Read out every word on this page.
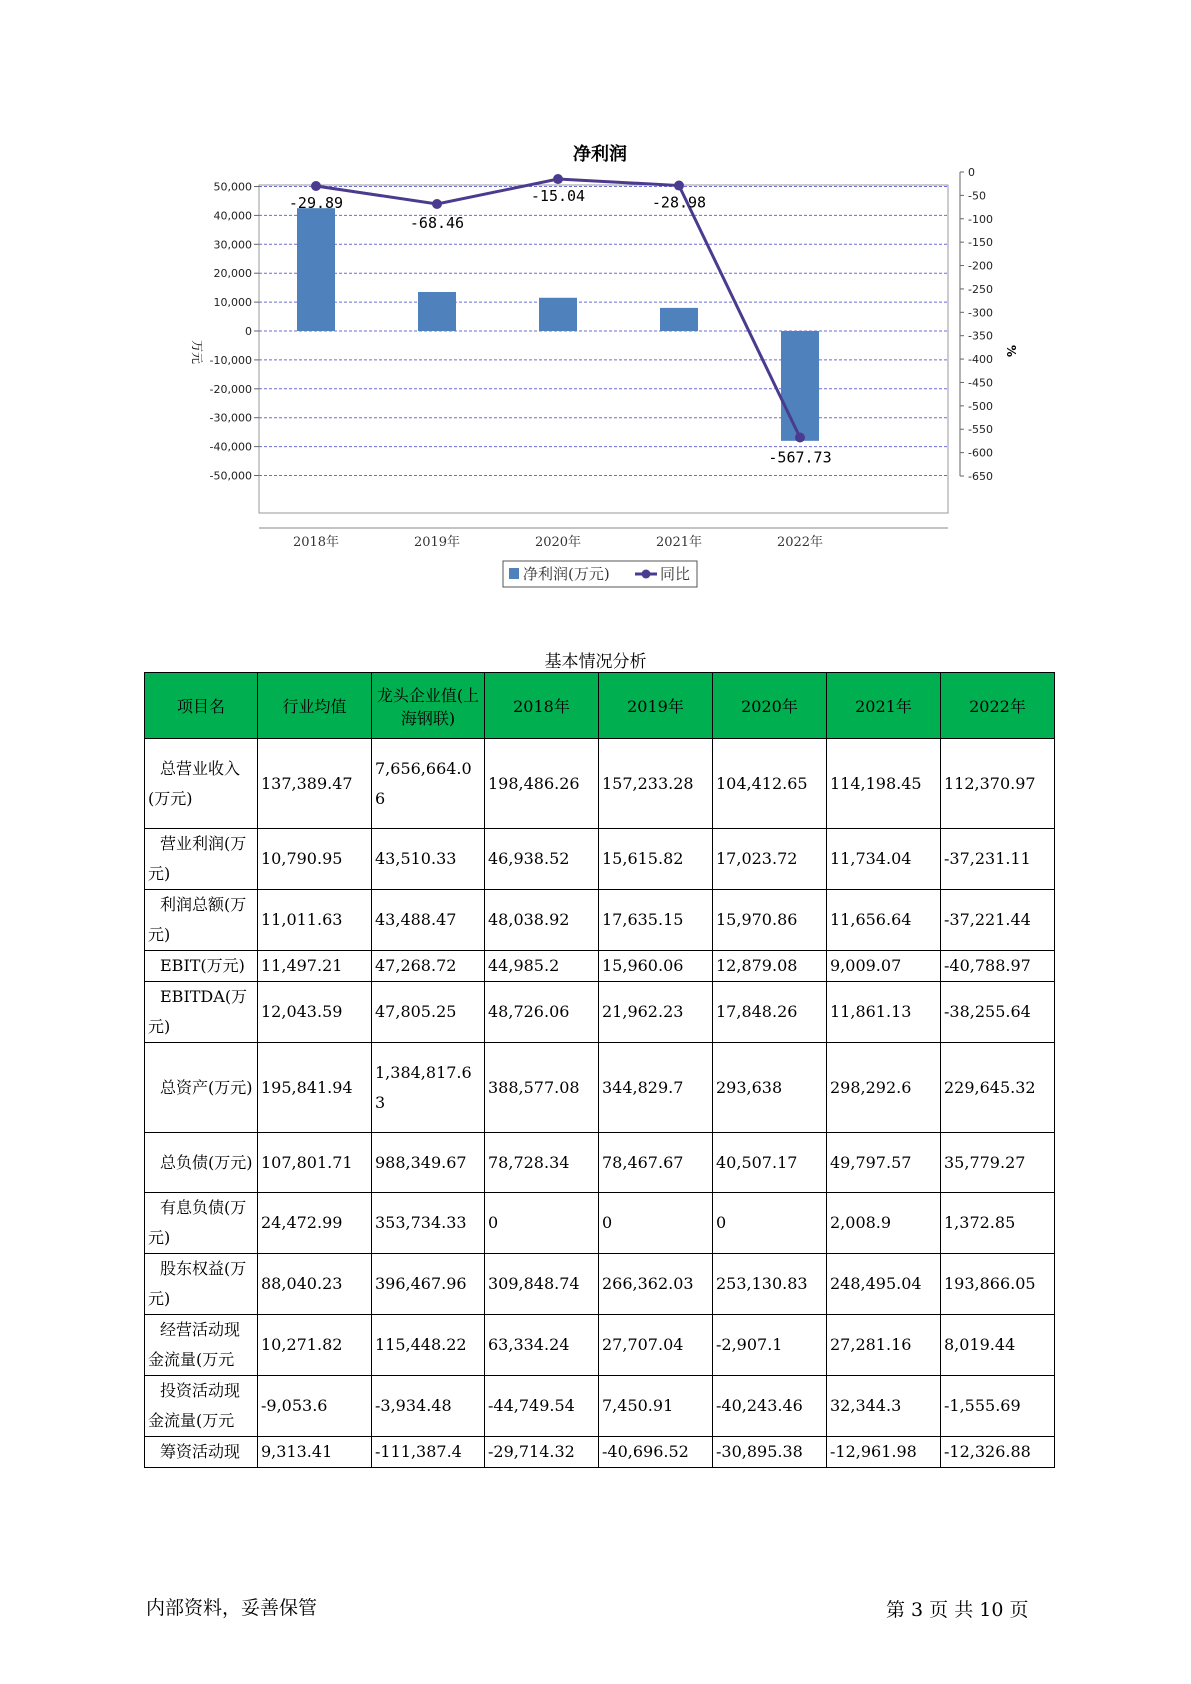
净利润
50,000
40,000
30,000
20,000
10,000
0
-10,000
-20,000
-30,000
-40,000
-50,000
0
-50
-100
-150
-200
-250
-300
-350
-400
-450
-500
-550
-600
-650
-29.89
-68.46
-15.04	-28.98
-567.73
2018年	2019年	2020年	2021年	2022年
万元	%
净利润(万元)	同比
基本情况分析
项目名	行业均值	龙头企业值(上海钢联)	2018年	2019年	2020年	2021年	2022年
总营业收入(万元)	137,389.47	7,656,664.06	198,486.26	157,233.28	104,412.65	114,198.45	112,370.97
营业利润(万元)	10,790.95	43,510.33	46,938.52	15,615.82	17,023.72	11,734.04	-37,231.11
利润总额(万元)	11,011.63	43,488.47	48,038.92	17,635.15	15,970.86	11,656.64	-37,221.44
EBIT(万元)	11,497.21	47,268.72	44,985.2	15,960.06	12,879.08	9,009.07	-40,788.97
EBITDA(万元)	12,043.59	47,805.25	48,726.06	21,962.23	17,848.26	11,861.13	-38,255.64
总资产(万元)	195,841.94	1,384,817.63	388,577.08	344,829.7	293,638	298,292.6	229,645.32
总负债(万元)	107,801.71	988,349.67	78,728.34	78,467.67	40,507.17	49,797.57	35,779.27
有息负债(万元)	24,472.99	353,734.33	0	0	0	2,008.9	1,372.85
股东权益(万元)	88,040.23	396,467.96	309,848.74	266,362.03	253,130.83	248,495.04	193,866.05
经营活动现金流量(万元	10,271.82	115,448.22	63,334.24	27,707.04	-2,907.1	27,281.16	8,019.44
投资活动现金流量(万元	-9,053.6	-3,934.48	-44,749.54	7,450.91	-40,243.46	32,344.3	-1,555.69
筹资活动现	9,313.41	-111,387.4	-29,714.32	-40,696.52	-30,895.38	-12,961.98	-12,326.88
内部资料，妥善保管	第 3 页 共 10 页
